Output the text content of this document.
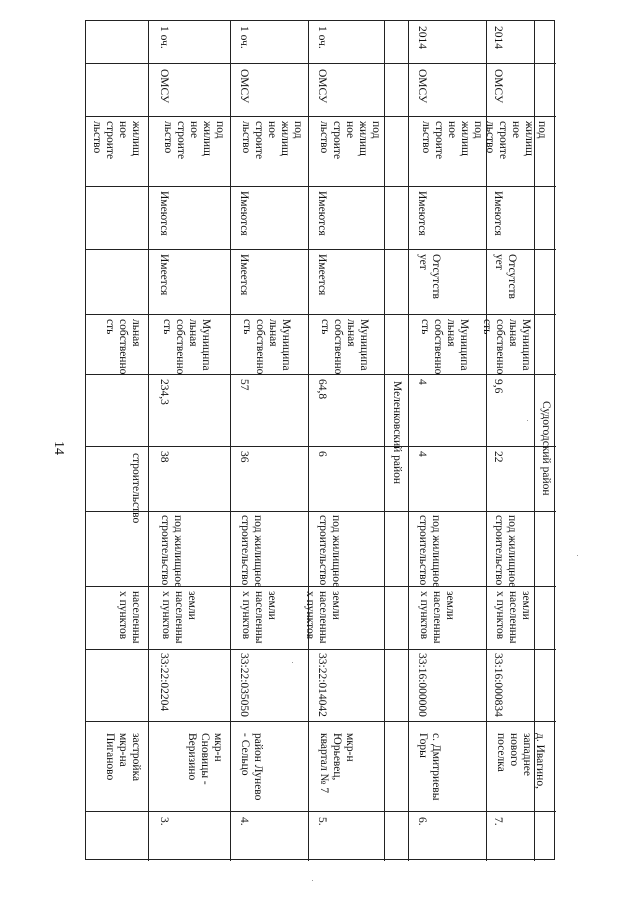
14
застройка
мкр-на
Пиганово
населенны
х пунктов
строительство
льная
собственно
сть
жилищ
ное
строите
льство
3.
мкр-н
Сновицы -
Веризино
33:22:02204
земли
населенны
х пунктов
под жилищное
строительство
38
234,3
Муницнпа
льная
собственно
сть
Имеется
Имеются
под
жилищ
ное
строите
льство
ОМСУ
1 оч.
4.
район Лунево
- Сельцо
33:22:035050
земли
населенны
х пунктов
под жилищное
строительство
36
57
Муниципа
льная
собственно
сть
Имеется
Имеются
под
жилищ
ное
строите
льство
ОМСУ
1 оч.
5.
мкр-н
Юрьевец,
квартал № 7
33:22:014042
земли
населенны
х пунктов
под жилищное
строительство
6
64,8
Муниципа
льная
собственно
сть
Имеется
Имеются
под
жилищ
ное
строите
льство
ОМСУ
1 оч.
Меленковский район
6.
с. Дмитриевы
Горы
33:16:000000
земли
населенны
х пунктов
под жилищное
строительство
4
4
Муниципа
льная
собственно
сть
Отсутств
ует
Имеются
под
жилищ
ное
строите
льство
ОМСУ
2014
7.
д. Ивагино,
западнее
нового
поселка
33:16:000834
земли
населенны
х пунктов
под жилищное
строительство
22
9,6
Муниципа
льная
собственно
сть
Отсутств
ует
Имеются
под
жилищ
ное
строите
льство
ОМСУ
2014
Судогодский район
